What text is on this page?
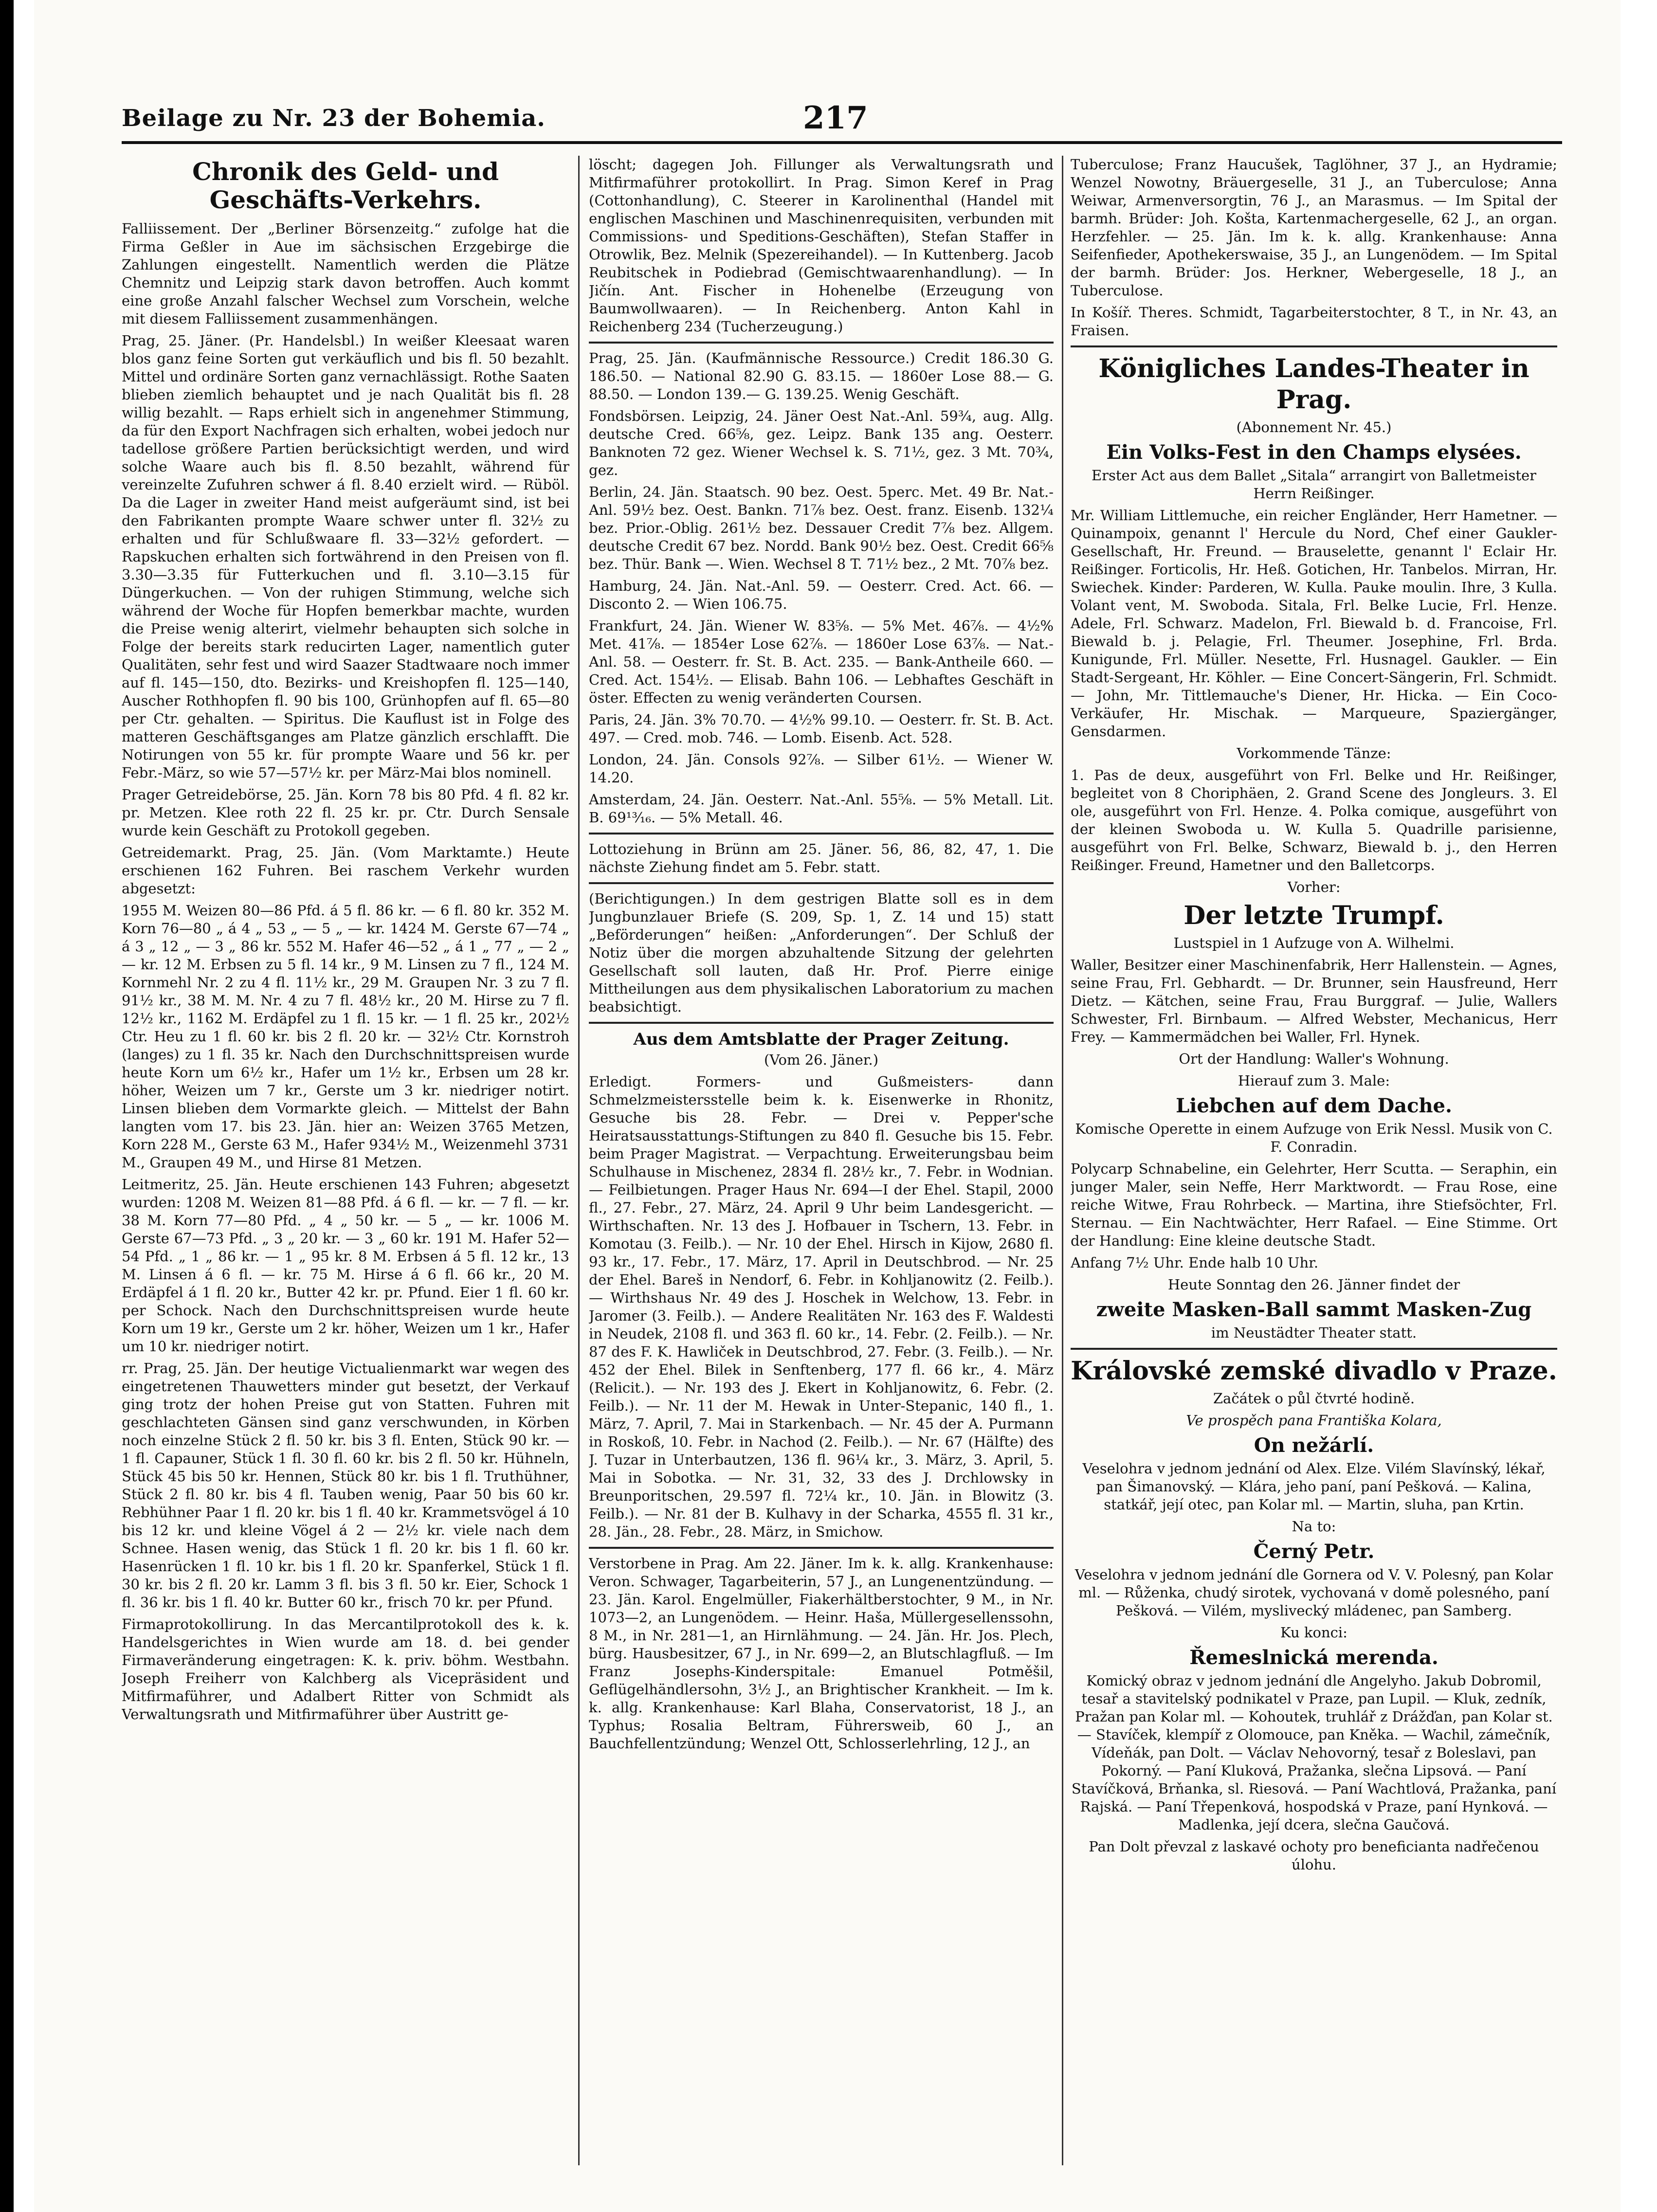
Beilage zu Nr. 23 der Bohemia.	217
Chronik des Geld- und Geschäfts-Verkehrs.

Falliissement. Der „Berliner Börsenzeitg.“ zufolge hat die Firma Geßler in Aue im sächsischen Erzgebirge die Zahlungen eingestellt. Namentlich werden die Plätze Chemnitz und Leipzig stark davon betroffen. Auch kommt eine große Anzahl falscher Wechsel zum Vorschein, welche mit diesem Falliissement zusammenhängen.

Prag, 25. Jäner. (Pr. Handelsbl.) In weißer Kleesaat waren blos ganz feine Sorten gut verkäuflich und bis fl. 50 bezahlt. Mittel und ordinäre Sorten ganz vernachlässigt. Rothe Saaten blieben ziemlich behauptet und je nach Qualität bis fl. 28 willig bezahlt. — Raps erhielt sich in angenehmer Stimmung, da für den Export Nachfragen sich erhalten, wobei jedoch nur tadellose größere Partien berücksichtigt werden, und wird solche Waare auch bis fl. 8.50 bezahlt, während für vereinzelte Zufuhren schwer á fl. 8.40 erzielt wird. — Rüböl. Da die Lager in zweiter Hand meist aufgeräumt sind, ist bei den Fabrikanten prompte Waare schwer unter fl. 32½ zu erhalten und für Schlußwaare fl. 33—32½ gefordert. — Rapskuchen erhalten sich fortwährend in den Preisen von fl. 3.30—3.35 für Futterkuchen und fl. 3.10—3.15 für Düngerkuchen. — Von der ruhigen Stimmung, welche sich während der Woche für Hopfen bemerkbar machte, wurden die Preise wenig alterirt, vielmehr behaupten sich solche in Folge der bereits stark reducirten Lager, namentlich guter Qualitäten, sehr fest und wird Saazer Stadtwaare noch immer auf fl. 145—150, dto. Bezirks- und Kreishopfen fl. 125—140, Auscher Rothhopfen fl. 90 bis 100, Grünhopfen auf fl. 65—80 per Ctr. gehalten. — Spiritus. Die Kauflust ist in Folge des matteren Geschäftsganges am Platze gänzlich erschlafft. Die Notirungen von 55 kr. für prompte Waare und 56 kr. per Febr.-März, so wie 57—57½ kr. per März-Mai blos nominell.

Prager Getreidebörse, 25. Jän. Korn 78 bis 80 Pfd. 4 fl. 82 kr. pr. Metzen. Klee roth 22 fl. 25 kr. pr. Ctr. Durch Sensale wurde kein Geschäft zu Protokoll gegeben.

Getreidemarkt. Prag, 25. Jän. (Vom Marktamte.) Heute erschienen 162 Fuhren. Bei raschem Verkehr wurden abgesetzt:

1955 M. Weizen 80—86 Pfd. á 5 fl. 86 kr. — 6 fl. 80 kr. 352 M. Korn 76—80 „ á 4 „ 53 „ — 5 „ — kr. 1424 M. Gerste 67—74 „ á 3 „ 12 „ — 3 „ 86 kr. 552 M. Hafer 46—52 „ á 1 „ 77 „ — 2 „ — kr. 12 M. Erbsen zu 5 fl. 14 kr., 9 M. Linsen zu 7 fl., 124 M. Kornmehl Nr. 2 zu 4 fl. 11½ kr., 29 M. Graupen Nr. 3 zu 7 fl. 91½ kr., 38 M. M. Nr. 4 zu 7 fl. 48½ kr., 20 M. Hirse zu 7 fl. 12½ kr., 1162 M. Erdäpfel zu 1 fl. 15 kr. — 1 fl. 25 kr., 202½ Ctr. Heu zu 1 fl. 60 kr. bis 2 fl. 20 kr. — 32½ Ctr. Kornstroh (langes) zu 1 fl. 35 kr. Nach den Durchschnittspreisen wurde heute Korn um 6½ kr., Hafer um 1½ kr., Erbsen um 28 kr. höher, Weizen um 7 kr., Gerste um 3 kr. niedriger notirt. Linsen blieben dem Vormarkte gleich. — Mittelst der Bahn langten vom 17. bis 23. Jän. hier an: Weizen 3765 Metzen, Korn 228 M., Gerste 63 M., Hafer 934½ M., Weizenmehl 3731 M., Graupen 49 M., und Hirse 81 Metzen.

Leitmeritz, 25. Jän. Heute erschienen 143 Fuhren; abgesetzt wurden: 1208 M. Weizen 81—88 Pfd. á 6 fl. — kr. — 7 fl. — kr. 38 M. Korn 77—80 Pfd. „ 4 „ 50 kr. — 5 „ — kr. 1006 M. Gerste 67—73 Pfd. „ 3 „ 20 kr. — 3 „ 60 kr. 191 M. Hafer 52—54 Pfd. „ 1 „ 86 kr. — 1 „ 95 kr. 8 M. Erbsen á 5 fl. 12 kr., 13 M. Linsen á 6 fl. — kr. 75 M. Hirse á 6 fl. 66 kr., 20 M. Erdäpfel á 1 fl. 20 kr., Butter 42 kr. pr. Pfund. Eier 1 fl. 60 kr. per Schock. Nach den Durchschnittspreisen wurde heute Korn um 19 kr., Gerste um 2 kr. höher, Weizen um 1 kr., Hafer um 10 kr. niedriger notirt.

rr. Prag, 25. Jän. Der heutige Victualienmarkt war wegen des eingetretenen Thauwetters minder gut besetzt, der Verkauf ging trotz der hohen Preise gut von Statten. Fuhren mit geschlachteten Gänsen sind ganz verschwunden, in Körben noch einzelne Stück 2 fl. 50 kr. bis 3 fl. Enten, Stück 90 kr. — 1 fl. Capauner, Stück 1 fl. 30 fl. 60 kr. bis 2 fl. 50 kr. Hühneln, Stück 45 bis 50 kr. Hennen, Stück 80 kr. bis 1 fl. Truthühner, Stück 2 fl. 80 kr. bis 4 fl. Tauben wenig, Paar 50 bis 60 kr. Rebhühner Paar 1 fl. 20 kr. bis 1 fl. 40 kr. Krammetsvögel á 10 bis 12 kr. und kleine Vögel á 2 — 2½ kr. viele nach dem Schnee. Hasen wenig, das Stück 1 fl. 20 kr. bis 1 fl. 60 kr. Hasenrücken 1 fl. 10 kr. bis 1 fl. 20 kr. Spanferkel, Stück 1 fl. 30 kr. bis 2 fl. 20 kr. Lamm 3 fl. bis 3 fl. 50 kr. Eier, Schock 1 fl. 36 kr. bis 1 fl. 40 kr. Butter 60 kr., frisch 70 kr. per Pfund.

Firmaprotokollirung. In das Mercantilprotokoll des k. k. Handelsgerichtes in Wien wurde am 18. d. bei gender Firmaveränderung eingetragen: K. k. priv. böhm. Westbahn. Joseph Freiherr von Kalchberg als Vicepräsident und Mitfirmaführer, und Adalbert Ritter von Schmidt als Verwaltungsrath und Mitfirmaführer über Austritt ge-

löscht; dagegen Joh. Fillunger als Verwaltungsrath und Mitfirmaführer protokollirt. In Prag. Simon Keref in Prag (Cottonhandlung), C. Steerer in Karolinenthal (Handel mit englischen Maschinen und Maschinenrequisiten, verbunden mit Commissions- und Speditions-Geschäften), Stefan Staffer in Otrowlik, Bez. Melnik (Spezereihandel). — In Kuttenberg. Jacob Reubitschek in Podiebrad (Gemischtwaarenhandlung). — In Jičín. Ant. Fischer in Hohenelbe (Erzeugung von Baumwollwaaren). — In Reichenberg. Anton Kahl in Reichenberg 234 (Tucherzeugung.)

Prag, 25. Jän. (Kaufmännische Ressource.) Credit 186.30 G. 186.50. — National 82.90 G. 83.15. — 1860er Lose 88.— G. 88.50. — London 139.— G. 139.25. Wenig Geschäft.

Fondsbörsen. Leipzig, 24. Jäner Oest Nat.-Anl. 59¾, aug. Allg. deutsche Cred. 66⅝, gez. Leipz. Bank 135 ang. Oesterr. Banknoten 72 gez. Wiener Wechsel k. S. 71½, gez. 3 Mt. 70¾, gez.

Berlin, 24. Jän. Staatsch. 90 bez. Oest. 5perc. Met. 49 Br. Nat.-Anl. 59½ bez. Oest. Bankn. 71⅞ bez. Oest. franz. Eisenb. 132¼ bez. Prior.-Oblig. 261½ bez. Dessauer Credit 7⅞ bez. Allgem. deutsche Credit 67 bez. Nordd. Bank 90½ bez. Oest. Credit 66⅝ bez. Thür. Bank —. Wien. Wechsel 8 T. 71½ bez., 2 Mt. 70⅞ bez.

Hamburg, 24. Jän. Nat.-Anl. 59. — Oesterr. Cred. Act. 66. — Disconto 2. — Wien 106.75.

Frankfurt, 24. Jän. Wiener W. 83⅝. — 5% Met. 46⅞. — 4½% Met. 41⅞. — 1854er Lose 62⅞. — 1860er Lose 63⅞. — Nat.-Anl. 58. — Oesterr. fr. St. B. Act. 235. — Bank-Antheile 660. — Cred. Act. 154½. — Elisab. Bahn 106. — Lebhaftes Geschäft in öster. Effecten zu wenig veränderten Coursen.

Paris, 24. Jän. 3% 70.70. — 4½% 99.10. — Oesterr. fr. St. B. Act. 497. — Cred. mob. 746. — Lomb. Eisenb. Act. 528.

London, 24. Jän. Consols 92⅞. — Silber 61½. — Wiener W. 14.20.

Amsterdam, 24. Jän. Oesterr. Nat.-Anl. 55⅝. — 5% Metall. Lit. B. 69¹³⁄₁₆. — 5% Metall. 46.

Lottoziehung in Brünn am 25. Jäner. 56, 86, 82, 47, 1. Die nächste Ziehung findet am 5. Febr. statt.

(Berichtigungen.) In dem gestrigen Blatte soll es in dem Jungbunzlauer Briefe (S. 209, Sp. 1, Z. 14 und 15) statt „Beförderungen“ heißen: „Anforderungen“. Der Schluß der Notiz über die morgen abzuhaltende Sitzung der gelehrten Gesellschaft soll lauten, daß Hr. Prof. Pierre einige Mittheilungen aus dem physikalischen Laboratorium zu machen beabsichtigt.

Aus dem Amtsblatte der Prager Zeitung.

(Vom 26. Jäner.)

Erledigt. Formers- und Gußmeisters- dann Schmelzmeistersstelle beim k. k. Eisenwerke in Rhonitz, Gesuche bis 28. Febr. — Drei v. Pepper'sche Heiratsausstattungs-Stiftungen zu 840 fl. Gesuche bis 15. Febr. beim Prager Magistrat. — Verpachtung. Erweiterungsbau beim Schulhause in Mischenez, 2834 fl. 28½ kr., 7. Febr. in Wodnian. — Feilbietungen. Prager Haus Nr. 694—I der Ehel. Stapil, 2000 fl., 27. Febr., 27. März, 24. April 9 Uhr beim Landesgericht. — Wirthschaften. Nr. 13 des J. Hofbauer in Tschern, 13. Febr. in Komotau (3. Feilb.). — Nr. 10 der Ehel. Hirsch in Kijow, 2680 fl. 93 kr., 17. Febr., 17. März, 17. April in Deutschbrod. — Nr. 25 der Ehel. Bareš in Nendorf, 6. Febr. in Kohljanowitz (2. Feilb.). — Wirthshaus Nr. 49 des J. Hoschek in Welchow, 13. Febr. in Jaromer (3. Feilb.). — Andere Realitäten Nr. 163 des F. Waldesti in Neudek, 2108 fl. und 363 fl. 60 kr., 14. Febr. (2. Feilb.). — Nr. 87 des F. K. Hawliček in Deutschbrod, 27. Febr. (3. Feilb.). — Nr. 452 der Ehel. Bilek in Senftenberg, 177 fl. 66 kr., 4. März (Relicit.). — Nr. 193 des J. Ekert in Kohljanowitz, 6. Febr. (2. Feilb.). — Nr. 11 der M. Hewak in Unter-Stepanic, 140 fl., 1. März, 7. April, 7. Mai in Starkenbach. — Nr. 45 der A. Purmann in Roskoß, 10. Febr. in Nachod (2. Feilb.). — Nr. 67 (Hälfte) des J. Tuzar in Unterbautzen, 136 fl. 96¼ kr., 3. März, 3. April, 5. Mai in Sobotka. — Nr. 31, 32, 33 des J. Drchlowsky in Breunporitschen, 29.597 fl. 72¼ kr., 10. Jän. in Blowitz (3. Feilb.). — Nr. 81 der B. Kulhavy in der Scharka, 4555 fl. 31 kr., 28. Jän., 28. Febr., 28. März, in Smichow.

Verstorbene in Prag. Am 22. Jäner. Im k. k. allg. Krankenhause: Veron. Schwager, Tagarbeiterin, 57 J., an Lungenentzündung. — 23. Jän. Karol. Engelmüller, Fiakerhältberstochter, 9 M., in Nr. 1073—2, an Lungenödem. — Heinr. Haša, Müllergesellenssohn, 8 M., in Nr. 281—1, an Hirnlähmung. — 24. Jän. Hr. Jos. Plech, bürg. Hausbesitzer, 67 J., in Nr. 699—2, an Blutschlagfluß. — Im Franz Josephs-Kinderspitale: Emanuel Potměšil, Geflügelhändlersohn, 3½ J., an Brightischer Krankheit. — Im k. k. allg. Krankenhause: Karl Blaha, Conservatorist, 18 J., an Typhus; Rosalia Beltram, Führersweib, 60 J., an Bauchfellentzündung; Wenzel Ott, Schlosserlehrling, 12 J., an

Tuberculose; Franz Haucušek, Taglöhner, 37 J., an Hydramie; Wenzel Nowotny, Bräuergeselle, 31 J., an Tuberculose; Anna Weiwar, Armenversorgtin, 76 J., an Marasmus. — Im Spital der barmh. Brüder: Joh. Košta, Kartenmachergeselle, 62 J., an organ. Herzfehler. — 25. Jän. Im k. k. allg. Krankenhause: Anna Seifenfieder, Apothekerswaise, 35 J., an Lungenödem. — Im Spital der barmh. Brüder: Jos. Herkner, Webergeselle, 18 J., an Tuberculose.

In Košíř. Theres. Schmidt, Tagarbeiterstochter, 8 T., in Nr. 43, an Fraisen.

Königliches Landes-Theater in Prag.

(Abonnement Nr. 45.)

Ein Volks-Fest in den Champs elysées.

Erster Act aus dem Ballet „Sitala“ arrangirt von Balletmeister Herrn Reißinger.

Mr. William Littlemuche, ein reicher Engländer, Herr Hametner. — Quinampoix, genannt l' Hercule du Nord, Chef einer Gaukler-Gesellschaft, Hr. Freund. — Brauselette, genannt l' Eclair Hr. Reißinger. Forticolis, Hr. Heß. Gotichen, Hr. Tanbelos. Mirran, Hr. Swiechek. Kinder: Parderen, W. Kulla. Pauke moulin. Ihre, 3 Kulla. Volant vent, M. Swoboda. Sitala, Frl. Belke Lucie, Frl. Henze. Adele, Frl. Schwarz. Madelon, Frl. Biewald b. d. Francoise, Frl. Biewald b. j. Pelagie, Frl. Theumer. Josephine, Frl. Brda. Kunigunde, Frl. Müller. Nesette, Frl. Husnagel. Gaukler. — Ein Stadt-Sergeant, Hr. Köhler. — Eine Concert-Sängerin, Frl. Schmidt. — John, Mr. Tittlemauche's Diener, Hr. Hicka. — Ein Coco-Verkäufer, Hr. Mischak. — Marqueure, Spaziergänger, Gensdarmen.

Vorkommende Tänze:

1. Pas de deux, ausgeführt von Frl. Belke und Hr. Reißinger, begleitet von 8 Choriphäen, 2. Grand Scene des Jongleurs. 3. El ole, ausgeführt von Frl. Henze. 4. Polka comique, ausgeführt von der kleinen Swoboda u. W. Kulla 5. Quadrille parisienne, ausgeführt von Frl. Belke, Schwarz, Biewald b. j., den Herren Reißinger. Freund, Hametner und den Balletcorps.

Vorher:

Der letzte Trumpf.

Lustspiel in 1 Aufzuge von A. Wilhelmi.

Waller, Besitzer einer Maschinenfabrik, Herr Hallenstein. — Agnes, seine Frau, Frl. Gebhardt. — Dr. Brunner, sein Hausfreund, Herr Dietz. — Kätchen, seine Frau, Frau Burggraf. — Julie, Wallers Schwester, Frl. Birnbaum. — Alfred Webster, Mechanicus, Herr Frey. — Kammermädchen bei Waller, Frl. Hynek.

Ort der Handlung: Waller's Wohnung.

Hierauf zum 3. Male:

Liebchen auf dem Dache.

Komische Operette in einem Aufzuge von Erik Nessl. Musik von C. F. Conradin.

Polycarp Schnabeline, ein Gelehrter, Herr Scutta. — Seraphin, ein junger Maler, sein Neffe, Herr Marktwordt. — Frau Rose, eine reiche Witwe, Frau Rohrbeck. — Martina, ihre Stiefsöchter, Frl. Sternau. — Ein Nachtwächter, Herr Rafael. — Eine Stimme. Ort der Handlung: Eine kleine deutsche Stadt.

Anfang 7½ Uhr. Ende halb 10 Uhr.

Heute Sonntag den 26. Jänner findet der

zweite Masken-Ball sammt Masken-Zug

im Neustädter Theater statt.

Královské zemské divadlo v Praze.

Začátek o půl čtvrté hodině.

Ve prospěch pana Františka Kolara,

On nežárlí.

Veselohra v jednom jednání od Alex. Elze. Vilém Slavínský, lékař, pan Šimanovský. — Klára, jeho paní, paní Pešková. — Kalina, statkář, její otec, pan Kolar ml. — Martin, sluha, pan Krtin.

Na to:

Černý Petr.

Veselohra v jednom jednání dle Gornera od V. V. Polesný, pan Kolar ml. — Růženka, chudý sirotek, vychovaná v domě polesného, paní Pešková. — Vilém, myslivecký mládenec, pan Samberg.

Ku konci:

Řemeslnická merenda.

Komický obraz v jednom jednání dle Angelyho. Jakub Dobromil, tesař a stavitelský podnikatel v Praze, pan Lupil. — Kluk, zedník, Pražan pan Kolar ml. — Kohoutek, truhlář z Drážďan, pan Kolar st. — Stavíček, klempíř z Olomouce, pan Kněka. — Wachil, zámečník, Vídeňák, pan Dolt. — Václav Nehovorný, tesař z Boleslavi, pan Pokorný. — Paní Kluková, Pražanka, slečna Lipsová. — Paní Stavíčková, Brňanka, sl. Riesová. — Paní Wachtlová, Pražanka, paní Rajská. — Paní Třepenková, hospodská v Praze, paní Hynková. — Madlenka, její dcera, slečna Gaučová.

Pan Dolt převzal z laskavé ochoty pro beneficianta nadřečenou úlohu.
